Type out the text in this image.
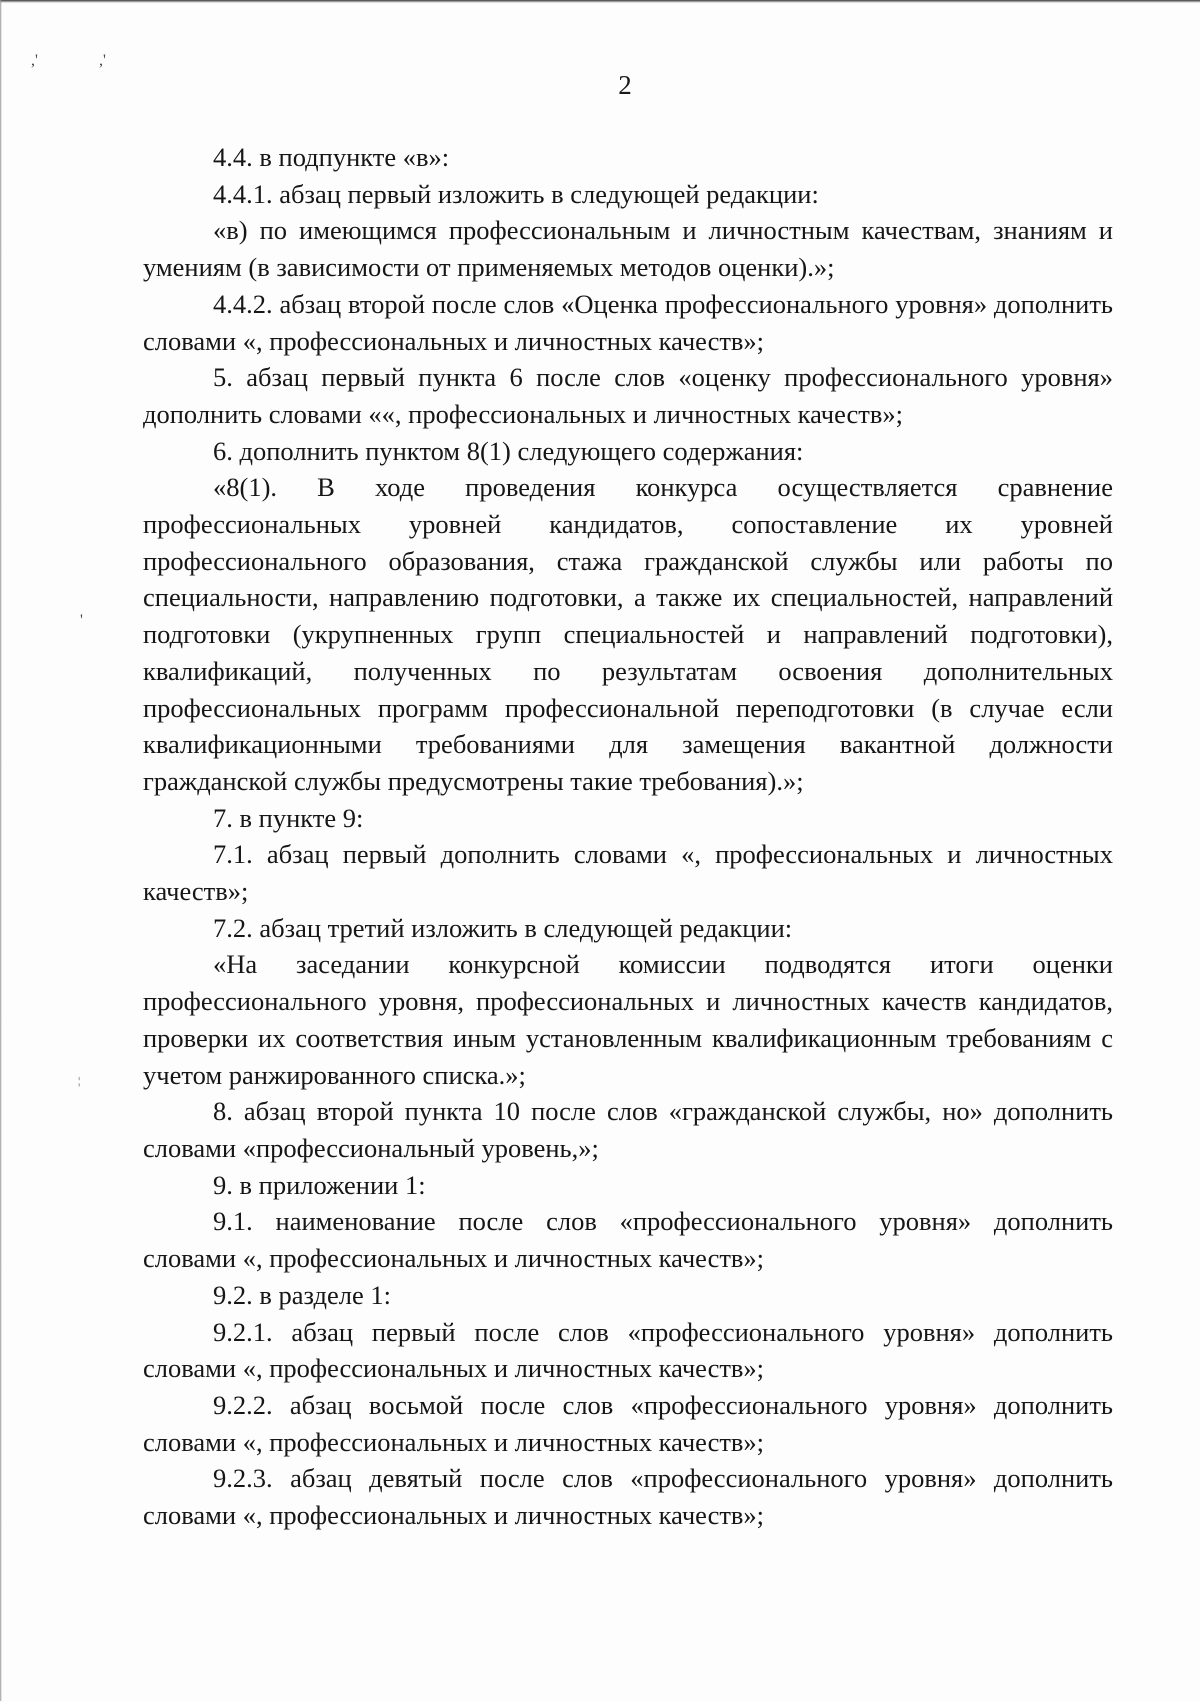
,'	,'
'
¦
2

4.4. в подпункте «в»:

4.4.1. абзац первый изложить в следующей редакции:

«в) по имеющимся профессиональным и личностным качествам, знаниям и умениям (в зависимости от применяемых методов оценки).»;

4.4.2. абзац второй после слов «Оценка профессионального уровня» дополнить словами «, профессиональных и личностных качеств»;

5. абзац первый пункта 6 после слов «оценку профессионального уровня» дополнить словами ««, профессиональных и личностных качеств»;

6. дополнить пунктом 8(1) следующего содержания:

«8(1). В ходе проведения конкурса осуществляется сравнение профессиональных уровней кандидатов, сопоставление их уровней профессионального образования, стажа гражданской службы или работы по специальности, направлению подготовки, а также их специальностей, направлений подготовки (укрупненных групп специальностей и направлений подготовки), квалификаций, полученных по результатам освоения дополнительных профессиональных программ профессиональной переподготовки (в случае если квалификационными требованиями для замещения вакантной должности гражданской службы предусмотрены такие требования).»;

7. в пункте 9:

7.1. абзац первый дополнить словами «, профессиональных и личностных качеств»;

7.2. абзац третий изложить в следующей редакции:

«На заседании конкурсной комиссии подводятся итоги оценки профессионального уровня, профессиональных и личностных качеств кандидатов, проверки их соответствия иным установленным квалификационным требованиям с учетом ранжированного списка.»;

8. абзац второй пункта 10 после слов «гражданской службы, но» дополнить словами «профессиональный уровень,»;

9. в приложении 1:

9.1. наименование после слов «профессионального уровня» дополнить словами «, профессиональных и личностных качеств»;

9.2. в разделе 1:

9.2.1. абзац первый после слов «профессионального уровня» дополнить словами «, профессиональных и личностных качеств»;

9.2.2. абзац восьмой после слов «профессионального уровня» дополнить словами «, профессиональных и личностных качеств»;

9.2.3. абзац девятый после слов «профессионального уровня» дополнить словами «, профессиональных и личностных качеств»;
